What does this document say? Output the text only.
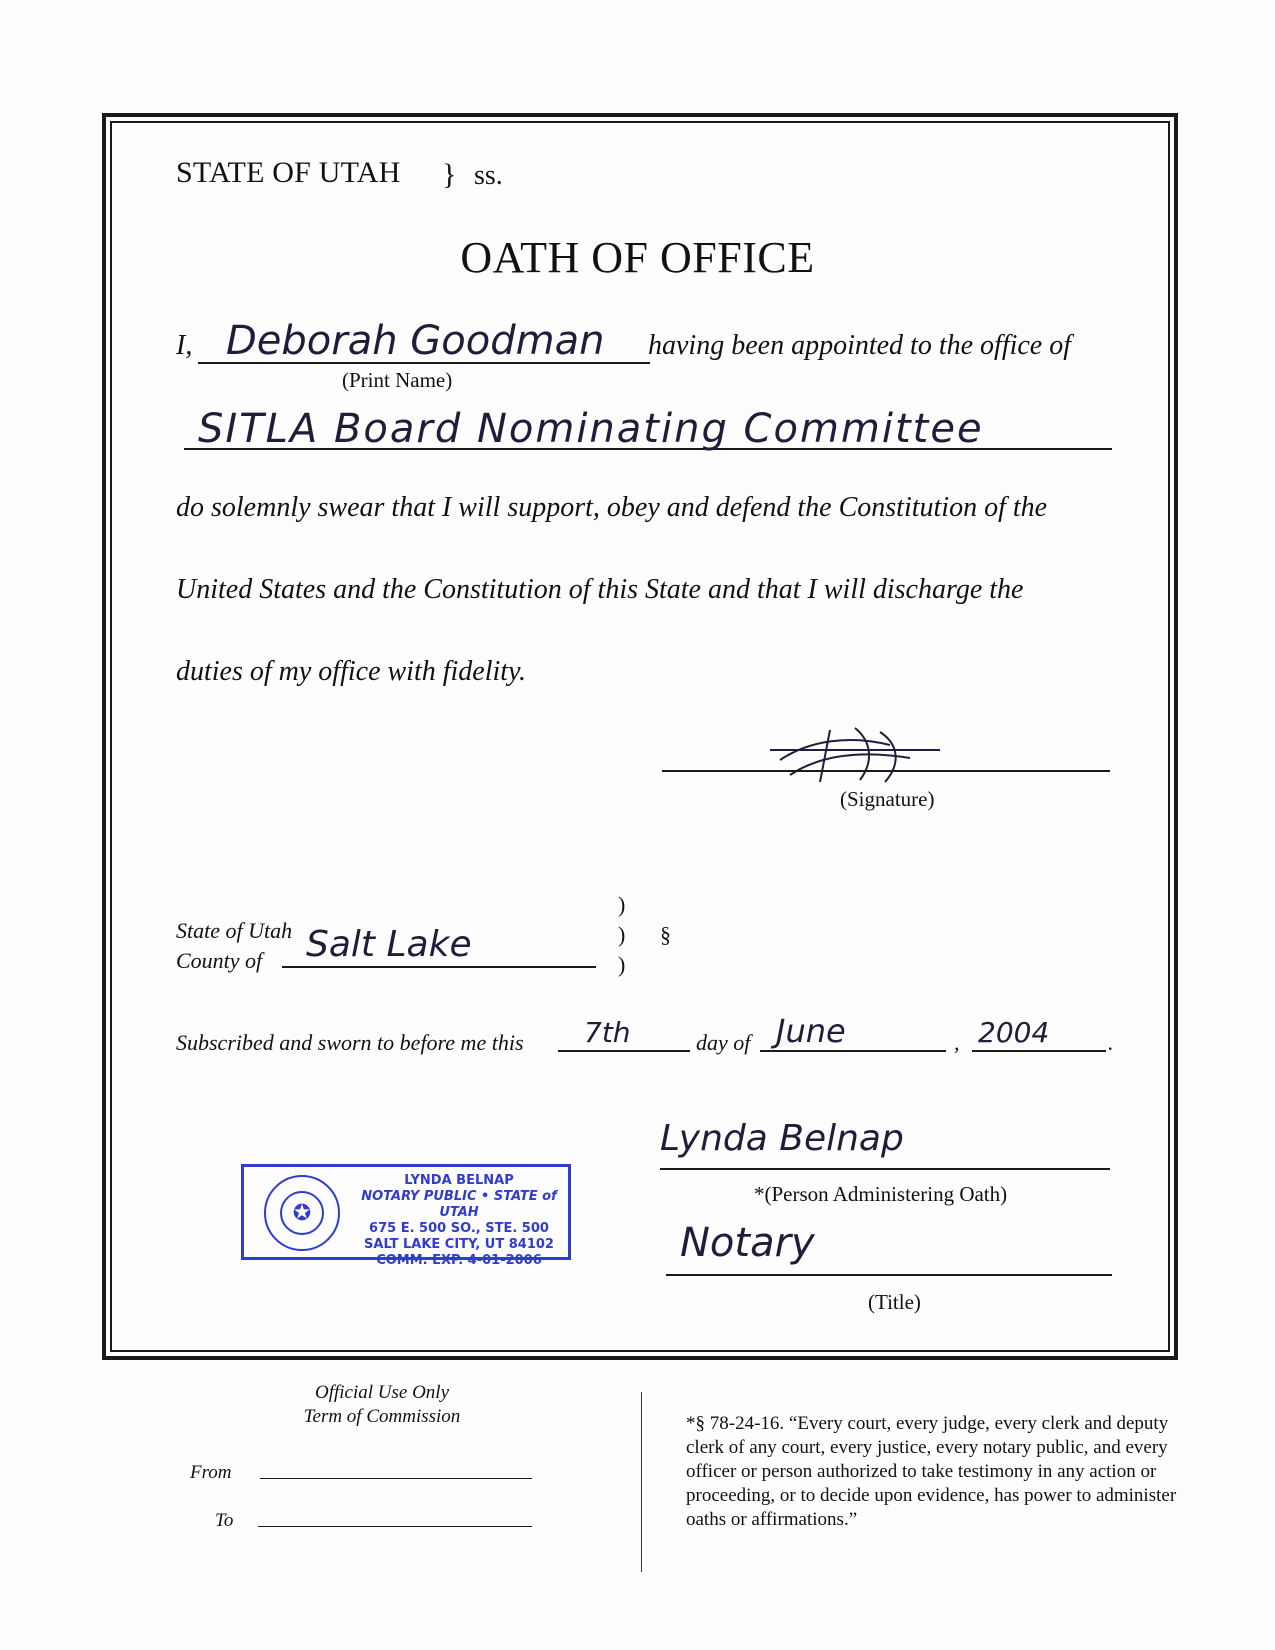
STATE OF UTAH } ss.
OATH OF OFFICE
I, Deborah Goodman having been appointed to the office of
(Print Name)
SITLA Board Nominating Committee
do solemnly swear that I will support, obey and defend the Constitution of the
United States and the Constitution of this State and that I will discharge the
duties of my office with fidelity.
(Signature)
State of Utah
County of Salt Lake
)
)
)
§
Subscribed and sworn to before me this 7th	day of June	, 2004	.
✪
LYNDA BELNAP
NOTARY PUBLIC • STATE of UTAH
675 E. 500 SO., STE. 500
SALT LAKE CITY, UT 84102
COMM. EXP. 4-01-2006
Lynda Belnap
*(Person Administering Oath)
Notary
(Title)
Official Use Only
Term of Commission
From
To
*§ 78-24-16. “Every court, every judge, every clerk and deputy clerk of any court, every justice, every notary public, and every officer or person authorized to take testimony in any action or proceeding, or to decide upon evidence, has power to administer oaths or affirmations.”
